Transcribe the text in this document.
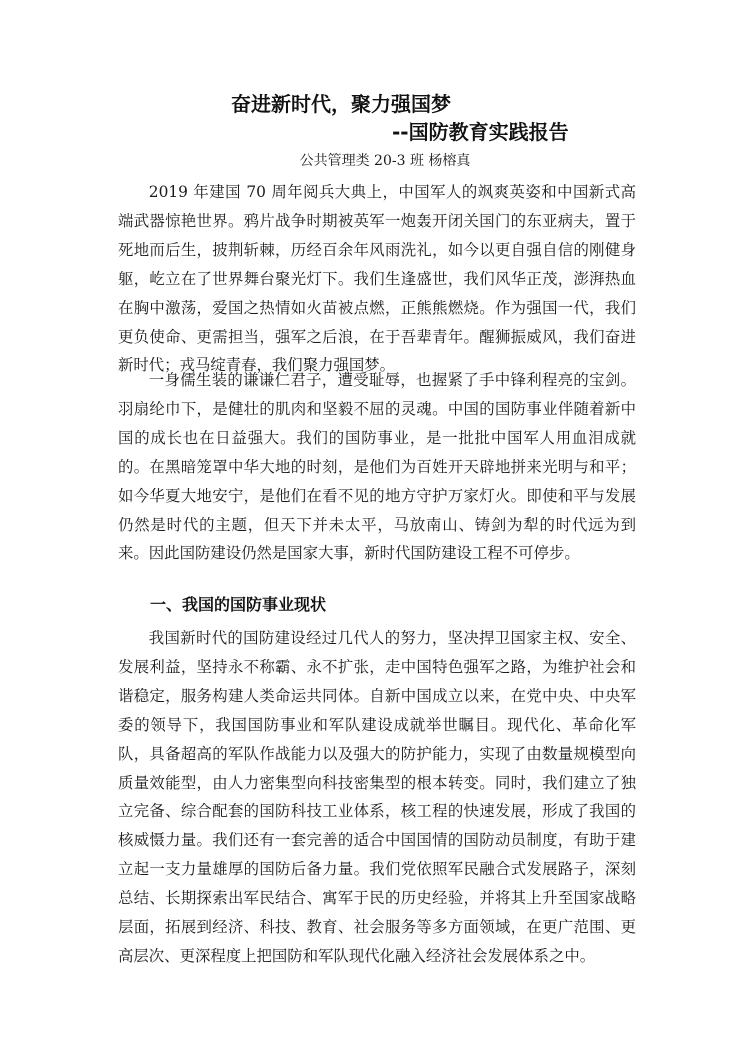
奋进新时代，聚力强国梦
--国防教育实践报告
公共管理类 20-3 班 杨榕真

2019 年建国 70 周年阅兵大典上，中国军人的飒爽英姿和中国新式高端武器惊艳世界。鸦片战争时期被英军一炮轰开闭关国门的东亚病夫，置于死地而后生，披荆斩棘，历经百余年风雨洗礼，如今以更自强自信的刚健身躯，屹立在了世界舞台聚光灯下。我们生逢盛世，我们风华正茂，澎湃热血在胸中激荡，爱国之热情如火苗被点燃，正熊熊燃烧。作为强国一代，我们更负使命、更需担当，强军之后浪，在于吾辈青年。醒狮振威风，我们奋进新时代；戎马绽青春，我们聚力强国梦。

一身儒生装的谦谦仁君子，遭受耻辱，也握紧了手中锋利程亮的宝剑。羽扇纶巾下，是健壮的肌肉和坚毅不屈的灵魂。中国的国防事业伴随着新中国的成长也在日益强大。我们的国防事业，是一批批中国军人用血泪成就的。在黑暗笼罩中华大地的时刻，是他们为百姓开天辟地拼来光明与和平；如今华夏大地安宁，是他们在看不见的地方守护万家灯火。即使和平与发展仍然是时代的主题，但天下并未太平，马放南山、铸剑为犁的时代远为到来。因此国防建设仍然是国家大事，新时代国防建设工程不可停步。

一、我国的国防事业现状

我国新时代的国防建设经过几代人的努力，坚决捍卫国家主权、安全、发展利益，坚持永不称霸、永不扩张，走中国特色强军之路，为维护社会和谐稳定，服务构建人类命运共同体。自新中国成立以来，在党中央、中央军委的领导下，我国国防事业和军队建设成就举世瞩目。现代化、革命化军队，具备超高的军队作战能力以及强大的防护能力，实现了由数量规模型向质量效能型，由人力密集型向科技密集型的根本转变。同时，我们建立了独立完备、综合配套的国防科技工业体系，核工程的快速发展，形成了我国的核威慑力量。我们还有一套完善的适合中国国情的国防动员制度，有助于建立起一支力量雄厚的国防后备力量。我们党依照军民融合式发展路子，深刻总结、长期探索出军民结合、寓军于民的历史经验，并将其上升至国家战略层面，拓展到经济、科技、教育、社会服务等多方面领域，在更广范围、更高层次、更深程度上把国防和军队现代化融入经济社会发展体系之中。
